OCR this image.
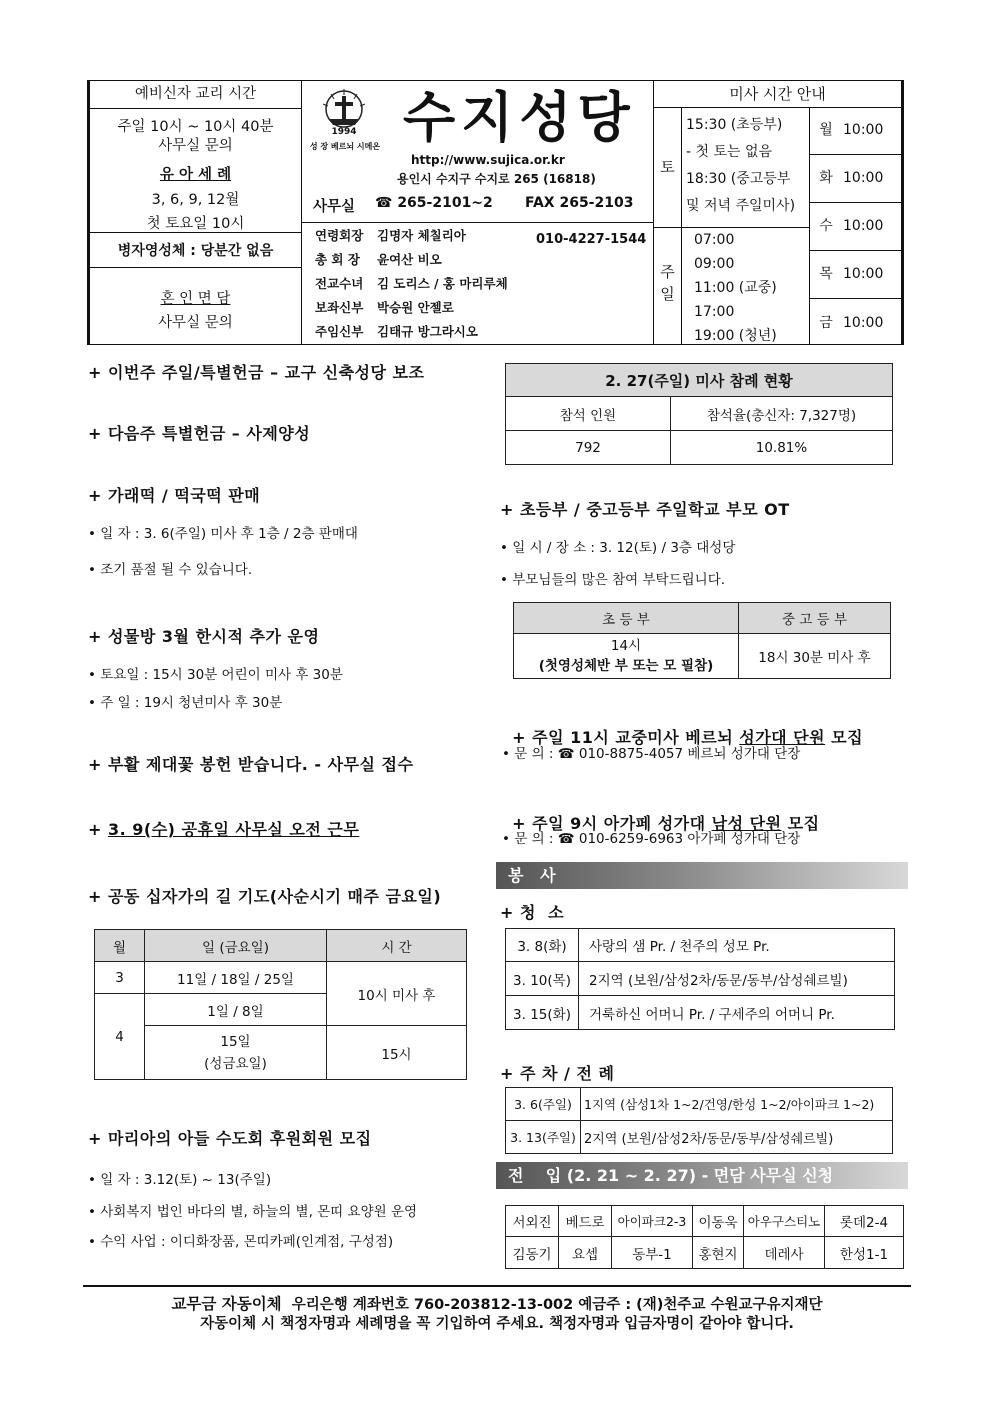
예비신자 교리 시간
주일 10시 ~ 10시 40분
사무실 문의
유 아 세 례
3, 6, 9, 12월
첫 토요일 10시
병자영성체 : 당분간 없음
혼 인 면 담
사무실 문의
1994
성 장 베르뇌 시메온 수지성당
http://www.sujica.or.kr
용인시 수지구 수지로 265 (16818)
사무실 ☎ 265-2101~2 FAX 265-2103
연령회장 김명자 체칠리아
총 회 장 윤여산 비오
전교수녀 김 도리스 / 홍 마리루체
보좌신부 박승원 안젤로
주임신부 김태규 방그라시오
010-4227-1544
미사 시간 안내
토
15:30 (초등부)
- 첫 토는 없음
18:30 (중고등부
및 저녁 주일미사)
주
일
07:00
09:00
11:00 (교중)
17:00
19:00 (청년)
월 10:00
화 10:00
수 10:00
목 10:00
금 10:00
+ 이번주 주일/특별헌금 – 교구 신축성당 보조
+ 다음주 특별헌금 – 사제양성
+ 가래떡 / 떡국떡 판매
• 일 자 : 3. 6(주일) 미사 후 1층 / 2층 판매대
• 조기 품절 될 수 있습니다.
+ 성물방 3월 한시적 추가 운영
• 토요일 : 15시 30분 어린이 미사 후 30분
• 주 일 : 19시 청년미사 후 30분
+ 부활 제대꽃 봉헌 받습니다. - 사무실 접수
+ 3. 9(수) 공휴일 사무실 오전 근무
+ 공동 십자가의 길 기도(사순시기 매주 금요일)
월	일 (금요일)	시 간
3	11일 / 18일 / 25일	10시 미사 후
4	1일 / 8일	

	15일
(성금요일)	15시
+ 마리아의 아들 수도회 후원회원 모집
• 일 자 : 3.12(토) ~ 13(주일)
• 사회복지 법인 바다의 별, 하늘의 별, 몬띠 요양원 운영
• 수익 사업 : 이디화장품, 몬띠카페(인계점, 구성점)
2. 27(주일) 미사 참례 현황	
참석 인원	참석율(총신자: 7,327명)
792	10.81%
+ 초등부 / 중고등부 주일학교 부모 OT
• 일 시 / 장 소 : 3. 12(토) / 3층 대성당
• 부모님들의 많은 참여 부탁드립니다.
초 등 부	중 고 등 부

14시
(첫영성체반 부 또는 모 필참)	18시 30분 미사 후

+ 주일 11시 교중미사 베르뇌 성가대 단원 모집

• 문 의 : ☎ 010-8875-4057 베르뇌 성가대 단장

+ 주일 9시 아가페 성가대 남성 단원 모집

• 문 의 : ☎ 010-6259-6963 아가페 성가대 단장
봉   사
+ 청  소
3. 8(화)	사랑의 샘 Pr. / 천주의 성모 Pr.
3. 10(목)	2지역 (보원/삼성2차/동문/동부/삼성쉐르빌)
3. 15(화)	거룩하신 어머니 Pr. / 구세주의 어머니 Pr.
+ 주 차 / 전 례
3. 6(주일)	1지역 (삼성1차 1~2/건영/한성 1~2/아이파크 1~2)
3. 13(주일)	2지역 (보원/삼성2차/동문/동부/삼성쉐르빌)
전    입 (2. 21 ~ 2. 27) - 면담 사무실 신청
서외진	베드로	아이파크2-3	이동욱	아우구스티노	롯데2-4
김동기	요셉	동부-1	홍현지	데레사	한성1-1
교무금 자동이체  우리은행 계좌번호 760-203812-13-002 예금주 : (재)천주교 수원교구유지재단
자동이체 시 책정자명과 세례명을 꼭 기입하여 주세요. 책정자명과 입금자명이 같아야 합니다.
